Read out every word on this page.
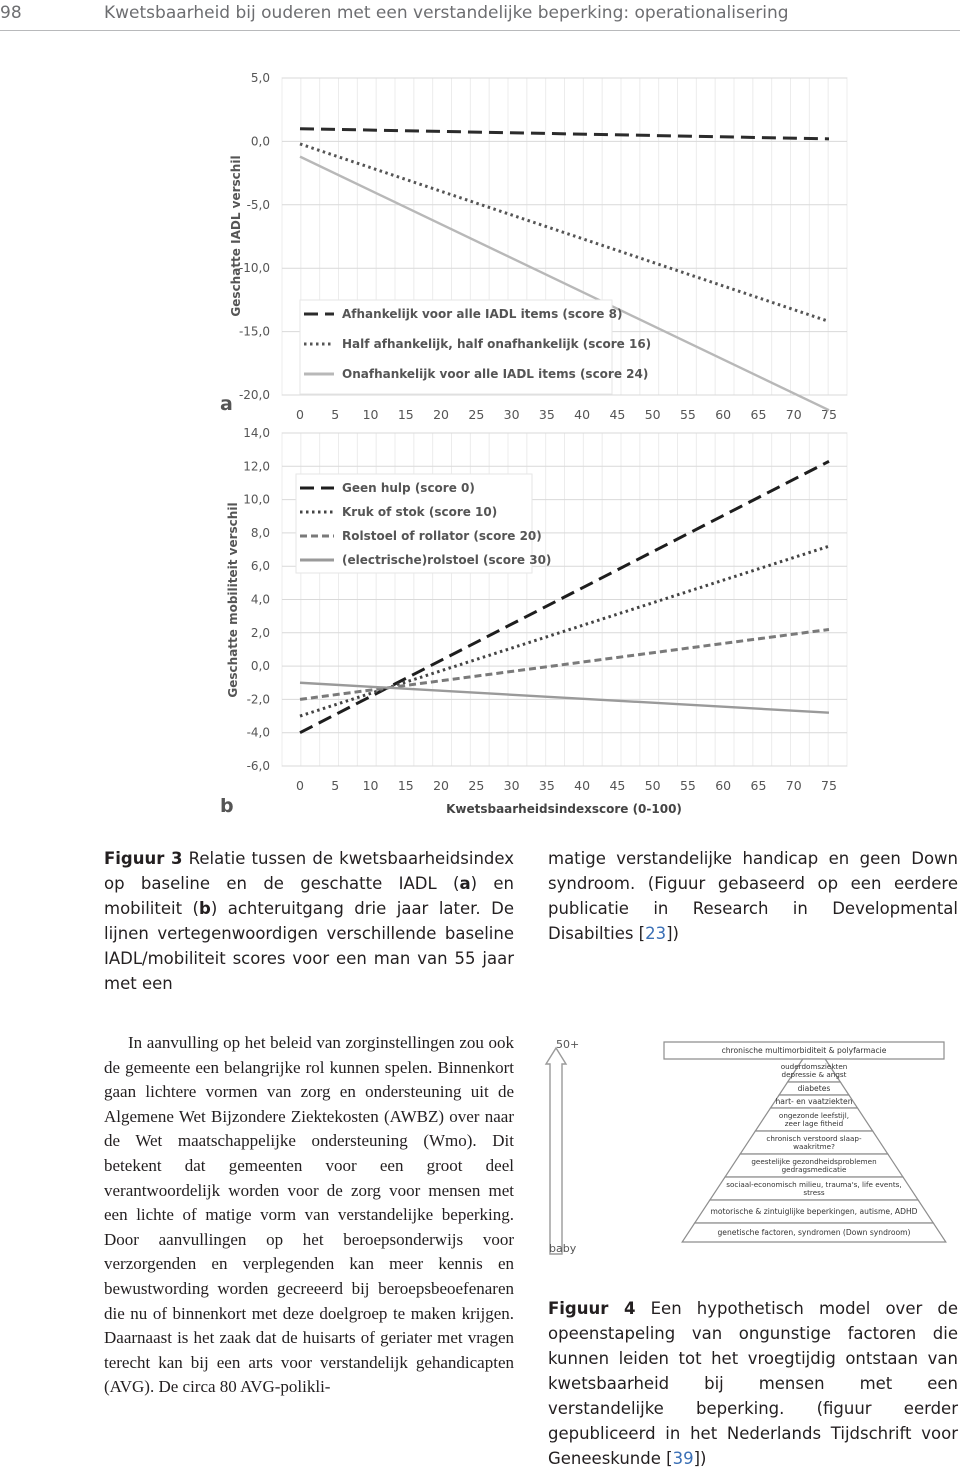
98	Kwetsbaarheid bij ouderen met een verstandelijke beperking: operationalisering
5,0
0,0
-5,0
-10,0
-15,0
-20,0
0 5 10 15 20 25 30 35 40 45 50 55 60 65 70 75
Geschatte IADL verschil
a
Afhankelijk voor alle IADL items (score 8)
Half afhankelijk, half onafhankelijk (score 16)
Onafhankelijk voor alle IADL items (score 24)
14,0
12,0
10,0
8,0
6,0
4,0
2,0
0,0
-2,0
-4,0
-6,0
0 5 10 15 20 25 30 35 40 45 50 55 60 65 70 75
Geschatte mobiliteit verschil
Kwetsbaarheidsindexscore (0-100)
b
Geen hulp (score 0)
Kruk of stok (score 10)
Rolstoel of rollator (score 20)
(electrische)rolstoel (score 30)
Figuur 3 Relatie tussen de kwetsbaarheidsindex op baseline en de geschatte IADL (a) en mobiliteit (b) achteruitgang drie jaar later. De lijnen vertegenwoordigen verschillende baseline IADL/mobiliteit scores voor een man van 55 jaar met een
matige verstandelijke handicap en geen Down syndroom. (Figuur gebaseerd op een eerdere publicatie in Research in Developmental Disabilties [23])
In aanvulling op het beleid van zorginstellingen zou ook de gemeente een belangrijke rol kunnen spelen. Binnenkort gaan lichtere vormen van zorg en ondersteuning uit de Algemene Wet Bijzondere Ziektekosten (AWBZ) over naar de Wet maatschappelijke ondersteuning (Wmo). Dit betekent dat gemeenten voor een groot deel verantwoordelijk worden voor de zorg voor mensen met een lichte of matige vorm van verstandelijke beperking. Door aanvullingen op het beroepsonderwijs voor verzorgenden en verplegenden kan meer kennis en bewustwording worden gecreeerd bij beroepsbeoefenaren die nu of binnenkort met deze doelgroep te maken krijgen. Daarnaast is het zaak dat de huisarts of geriater met vragen terecht kan bij een arts voor verstandelijk gehandicapten (AVG). De circa 80 AVG-polikli-
50+
baby
chronische multimorbiditeit & polyfarmacie
ouderdomsziekten
depressie & angst
diabetes
hart- en vaatziekten
ongezonde leefstijl,
zeer lage fitheid
chronisch verstoord slaap-
waakritme?
geestelijke gezondheidsproblemen
gedragsmedicatie
sociaal-economisch milieu, trauma's, life events,
stress
motorische & zintuiglijke beperkingen, autisme, ADHD
genetische factoren, syndromen (Down syndroom)
Figuur 4 Een hypothetisch model over de opeenstapeling van ongunstige factoren die kunnen leiden tot het vroegtijdig ontstaan van kwetsbaarheid bij mensen met een verstandelijke beperking. (figuur eerder gepubliceerd in het Nederlands Tijdschrift voor Geneeskunde [39])
